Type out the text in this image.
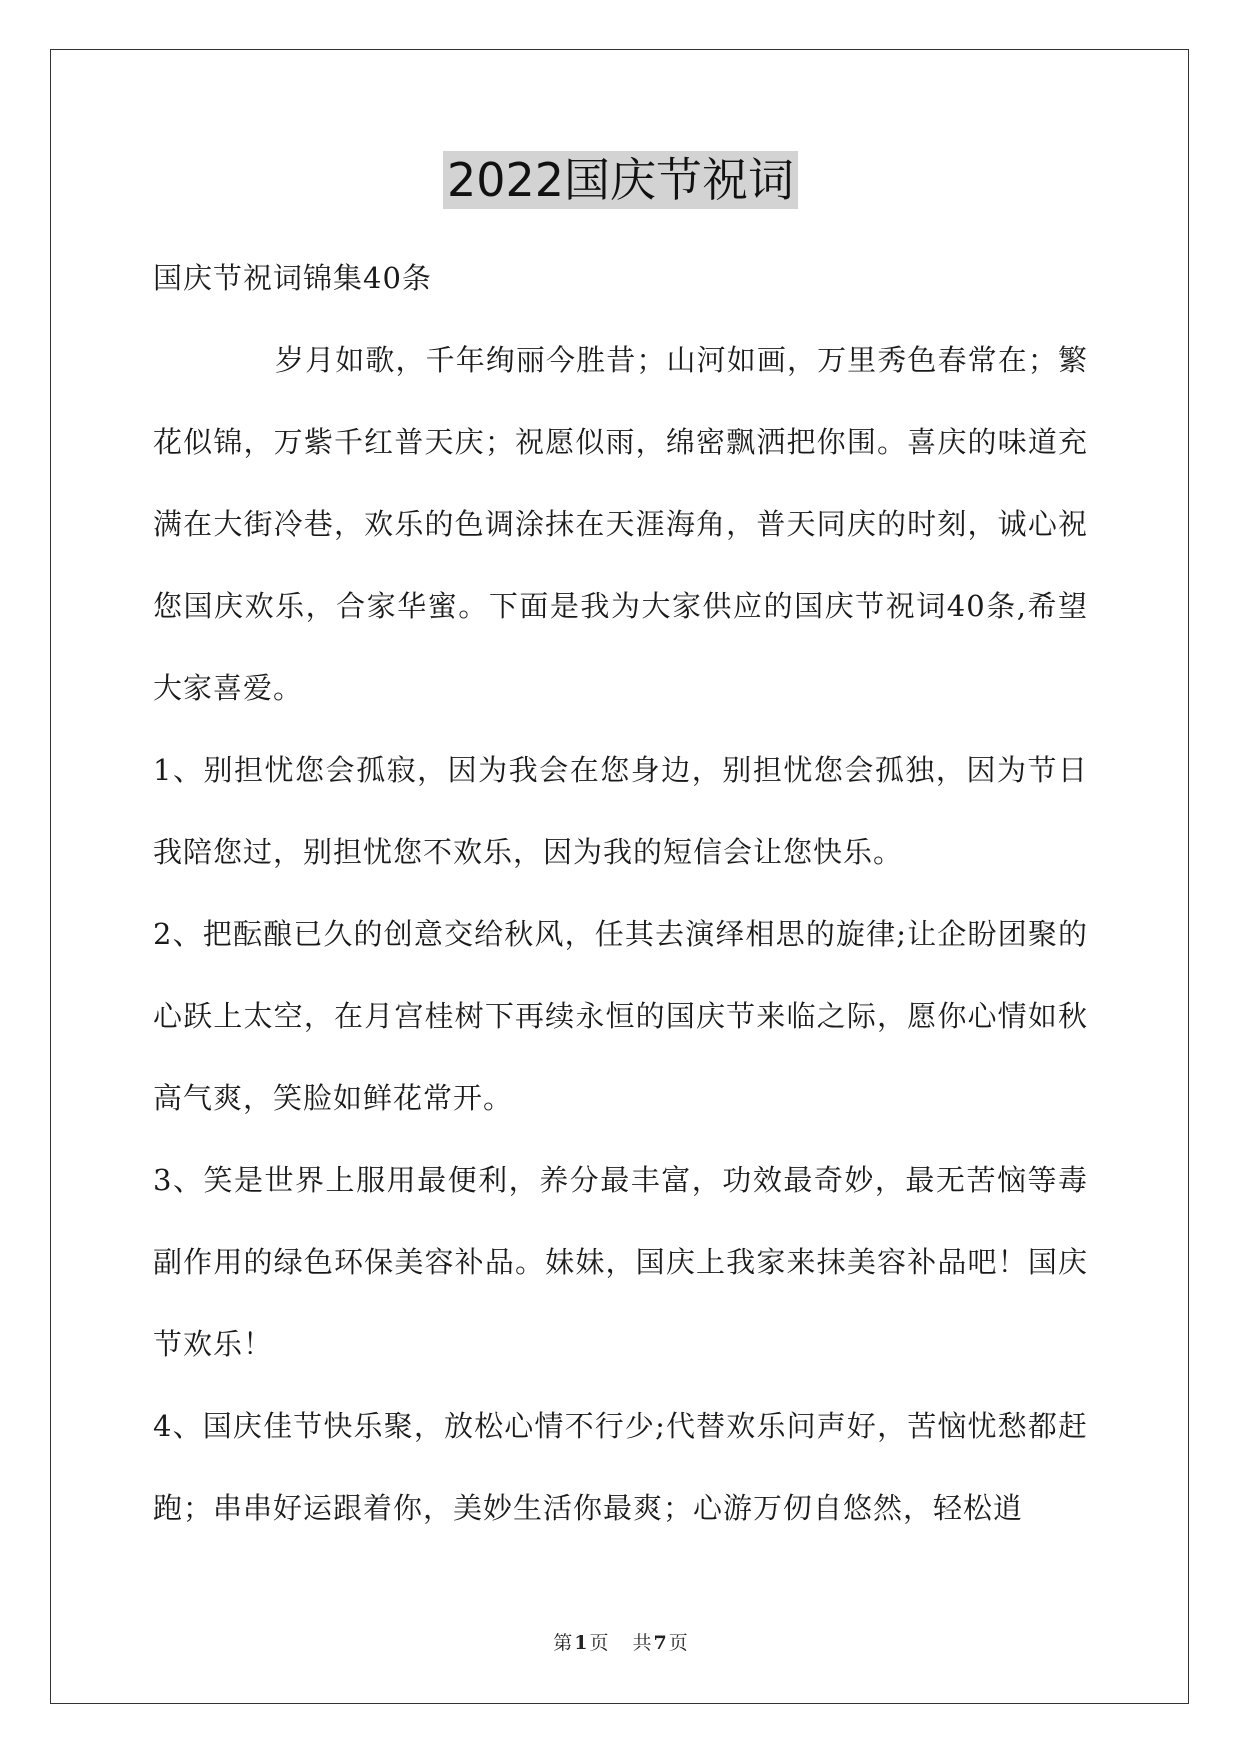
2022国庆节祝词

国庆节祝词锦集40条

岁月如歌，千年绚丽今胜昔；山河如画，万里秀色春常在；繁花似锦，万紫千红普天庆；祝愿似雨，绵密飘洒把你围。喜庆的味道充满在大街冷巷，欢乐的色调涂抹在天涯海角，普天同庆的时刻，诚心祝您国庆欢乐，合家华蜜。下面是我为大家供应的国庆节祝词40条,希望大家喜爱。

1、别担忧您会孤寂，因为我会在您身边，别担忧您会孤独，因为节日我陪您过，别担忧您不欢乐，因为我的短信会让您快乐。

2、把酝酿已久的创意交给秋风，任其去演绎相思的旋律;让企盼团聚的心跃上太空，在月宫桂树下再续永恒的国庆节来临之际，愿你心情如秋高气爽，笑脸如鲜花常开。

3、笑是世界上服用最便利，养分最丰富，功效最奇妙，最无苦恼等毒副作用的绿色环保美容补品。妹妹，国庆上我家来抹美容补品吧！国庆节欢乐！

4、国庆佳节快乐聚，放松心情不行少;代替欢乐问声好，苦恼忧愁都赶跑；串串好运跟着你，美妙生活你最爽；心游万仞自悠然，轻松逍

第 1 页 共 7 页
